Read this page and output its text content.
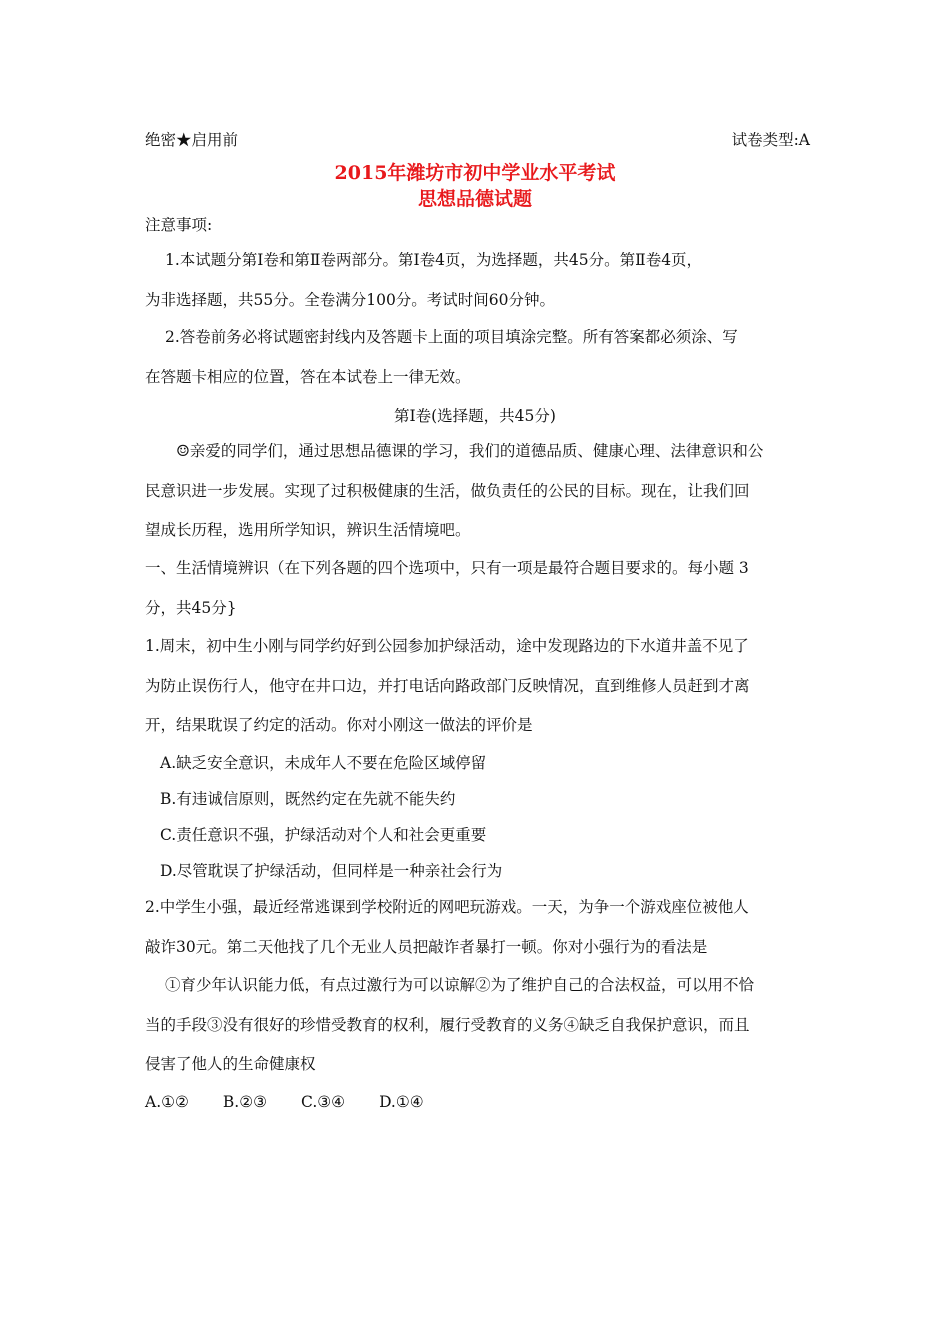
绝密★启用前	试卷类型:A
2015年潍坊市初中学业水平考试
思想品德试题
注意事项:
1.本试题分第Ⅰ卷和第Ⅱ卷两部分。第Ⅰ卷4页，为选择题，共45分。第Ⅱ卷4页，
为非选择题，共55分。全卷满分100分。考试时间60分钟。
2.答卷前务必将试题密封线内及答题卡上面的项目填涂完整。所有答案都必须涂、写
在答题卡相应的位置，答在本试卷上一律无效。
第Ⅰ卷(选择题，共45分)
☺亲爱的同学们，通过思想品德课的学习，我们的道德品质、健康心理、法律意识和公
民意识进一步发展。实现了过积极健康的生活，做负责任的公民的目标。现在，让我们回
望成长历程，选用所学知识，辨识生活情境吧。
一、生活情境辨识（在下列各题的四个选项中，只有一项是最符合题目要求的。每小题 3
分，共45分}
1.周末，初中生小刚与同学约好到公园参加护绿活动，途中发现路边的下水道井盖不见了
为防止误伤行人，他守在井口边，并打电话向路政部门反映情况，直到维修人员赶到才离
开，结果耽误了约定的活动。你对小刚这一做法的评价是
A.缺乏安全意识，未成年人不要在危险区域停留
B.有违诚信原则，既然约定在先就不能失约
C.责任意识不强，护绿活动对个人和社会更重要
D.尽管耽误了护绿活动，但同样是一种亲社会行为
2.中学生小强，最近经常逃课到学校附近的网吧玩游戏。一天，为争一个游戏座位被他人
敲诈30元。第二天他找了几个无业人员把敲诈者暴打一顿。你对小强行为的看法是
①育少年认识能力低，有点过激行为可以谅解②为了维护自己的合法权益，可以用不恰
当的手段③没有很好的珍惜受教育的权利，履行受教育的义务④缺乏自我保护意识，而且
侵害了他人的生命健康权
A.①② B.②③ C.③④ D.①④
